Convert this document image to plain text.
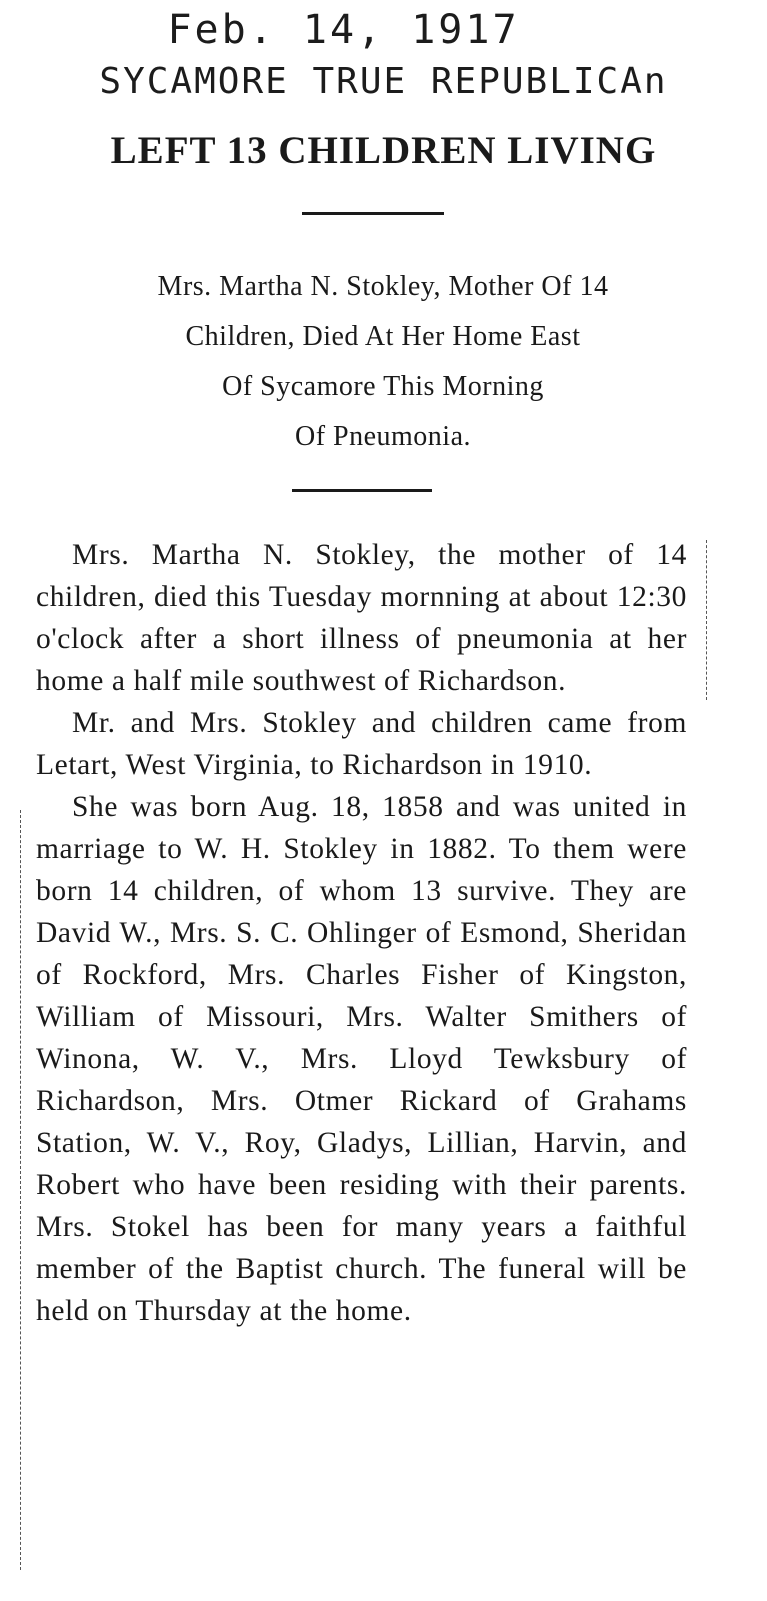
Feb. 14, 1917
SYCAMORE TRUE REPUBLICAn
LEFT 13 CHILDREN LIVING
Mrs. Martha N. Stokley, Mother Of 14
Children, Died At Her Home East
Of Sycamore This Morning
Of Pneumonia.

Mrs. Martha N. Stokley, the mother of 14 children, died this Tuesday mornning at about 12:30 o'clock after a short illness of pneumonia at her home a half mile southwest of Richardson.

Mr. and Mrs. Stokley and children came from Letart, West Virginia, to Richardson in 1910.

She was born Aug. 18, 1858 and was united in marriage to W. H. Stokley in 1882. To them were born 14 children, of whom 13 survive. They are David W., Mrs. S. C. Ohlinger of Esmond, Sheridan of Rockford, Mrs. Charles Fisher of Kingston, William of Missouri, Mrs. Walter Smithers of Winona, W. V., Mrs. Lloyd Tewksbury of Richardson, Mrs. Otmer Rickard of Grahams Station, W. V., Roy, Gladys, Lillian, Harvin, and Robert who have been residing with their parents. Mrs. Stokel has been for many years a faithful member of the Baptist church. The funeral will be held on Thursday at the home.
